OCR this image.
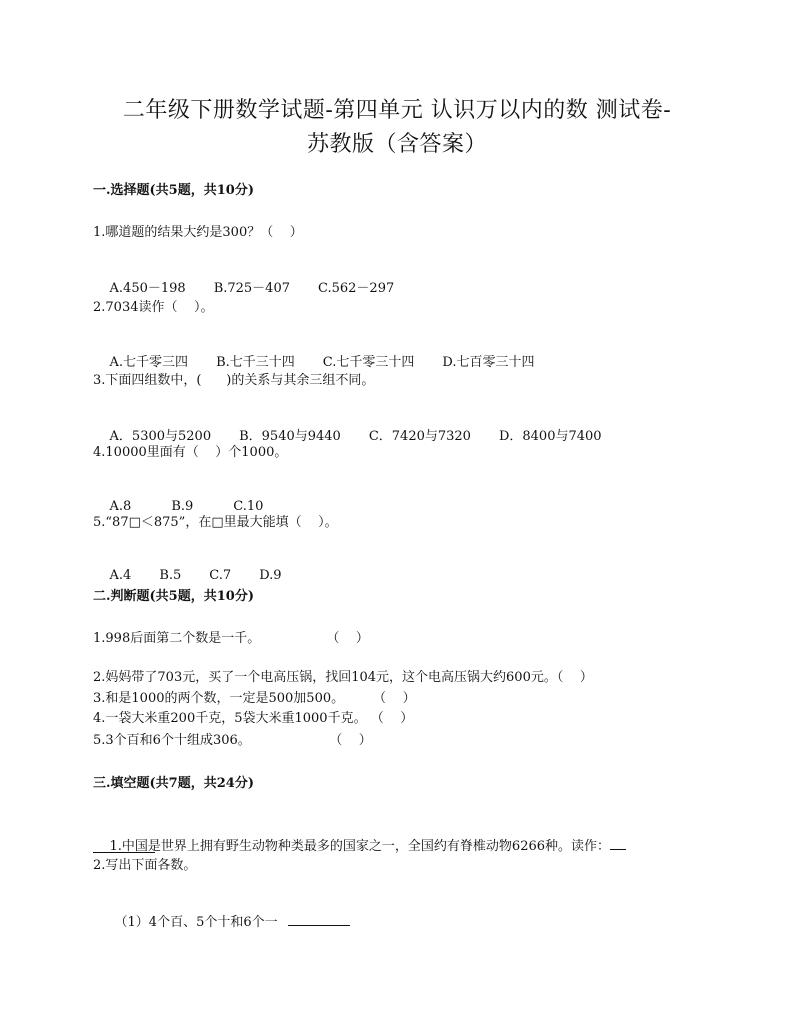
二年级下册数学试题-第四单元 认识万以内的数 测试卷-
苏教版（含答案）
一.选择题(共5题，共10分)
1.哪道题的结果大约是300？（    ）

A.450－198 B.725－407 C.562－297

2.7034读作（    ）。

A.七千零三四 B.七千三十四 C.七千零三十四 D.七百零三十四

3.下面四组数中，(      )的关系与其余三组不同。

A．5300与5200 B．9540与9440 C．7420与7320 D．8400与7400

4.10000里面有（    ）个1000。

A.8	B.9	C.10

5.“87□＜875”，在□里最大能填（    ）。

A.4 B.5 C.7 D.9

二.判断题(共5题，共10分)
1.998后面第二个数是一千。                （    ）
2.妈妈带了703元，买了一个电高压锅，找回104元，这个电高压锅大约600元。（    ）
3.和是1000的两个数，一定是500加500。       （    ）
4.一袋大米重200千克，5袋大米重1000千克。 （    ）
5.3个百和6个十组成306。                   （    ）
三.填空题(共7题，共24分)

1.中国是世界上拥有野生动物种类最多的国家之一，全国约有脊椎动物6266种。读作：

2.写出下面各数。

（1）4个百、5个十和6个一
